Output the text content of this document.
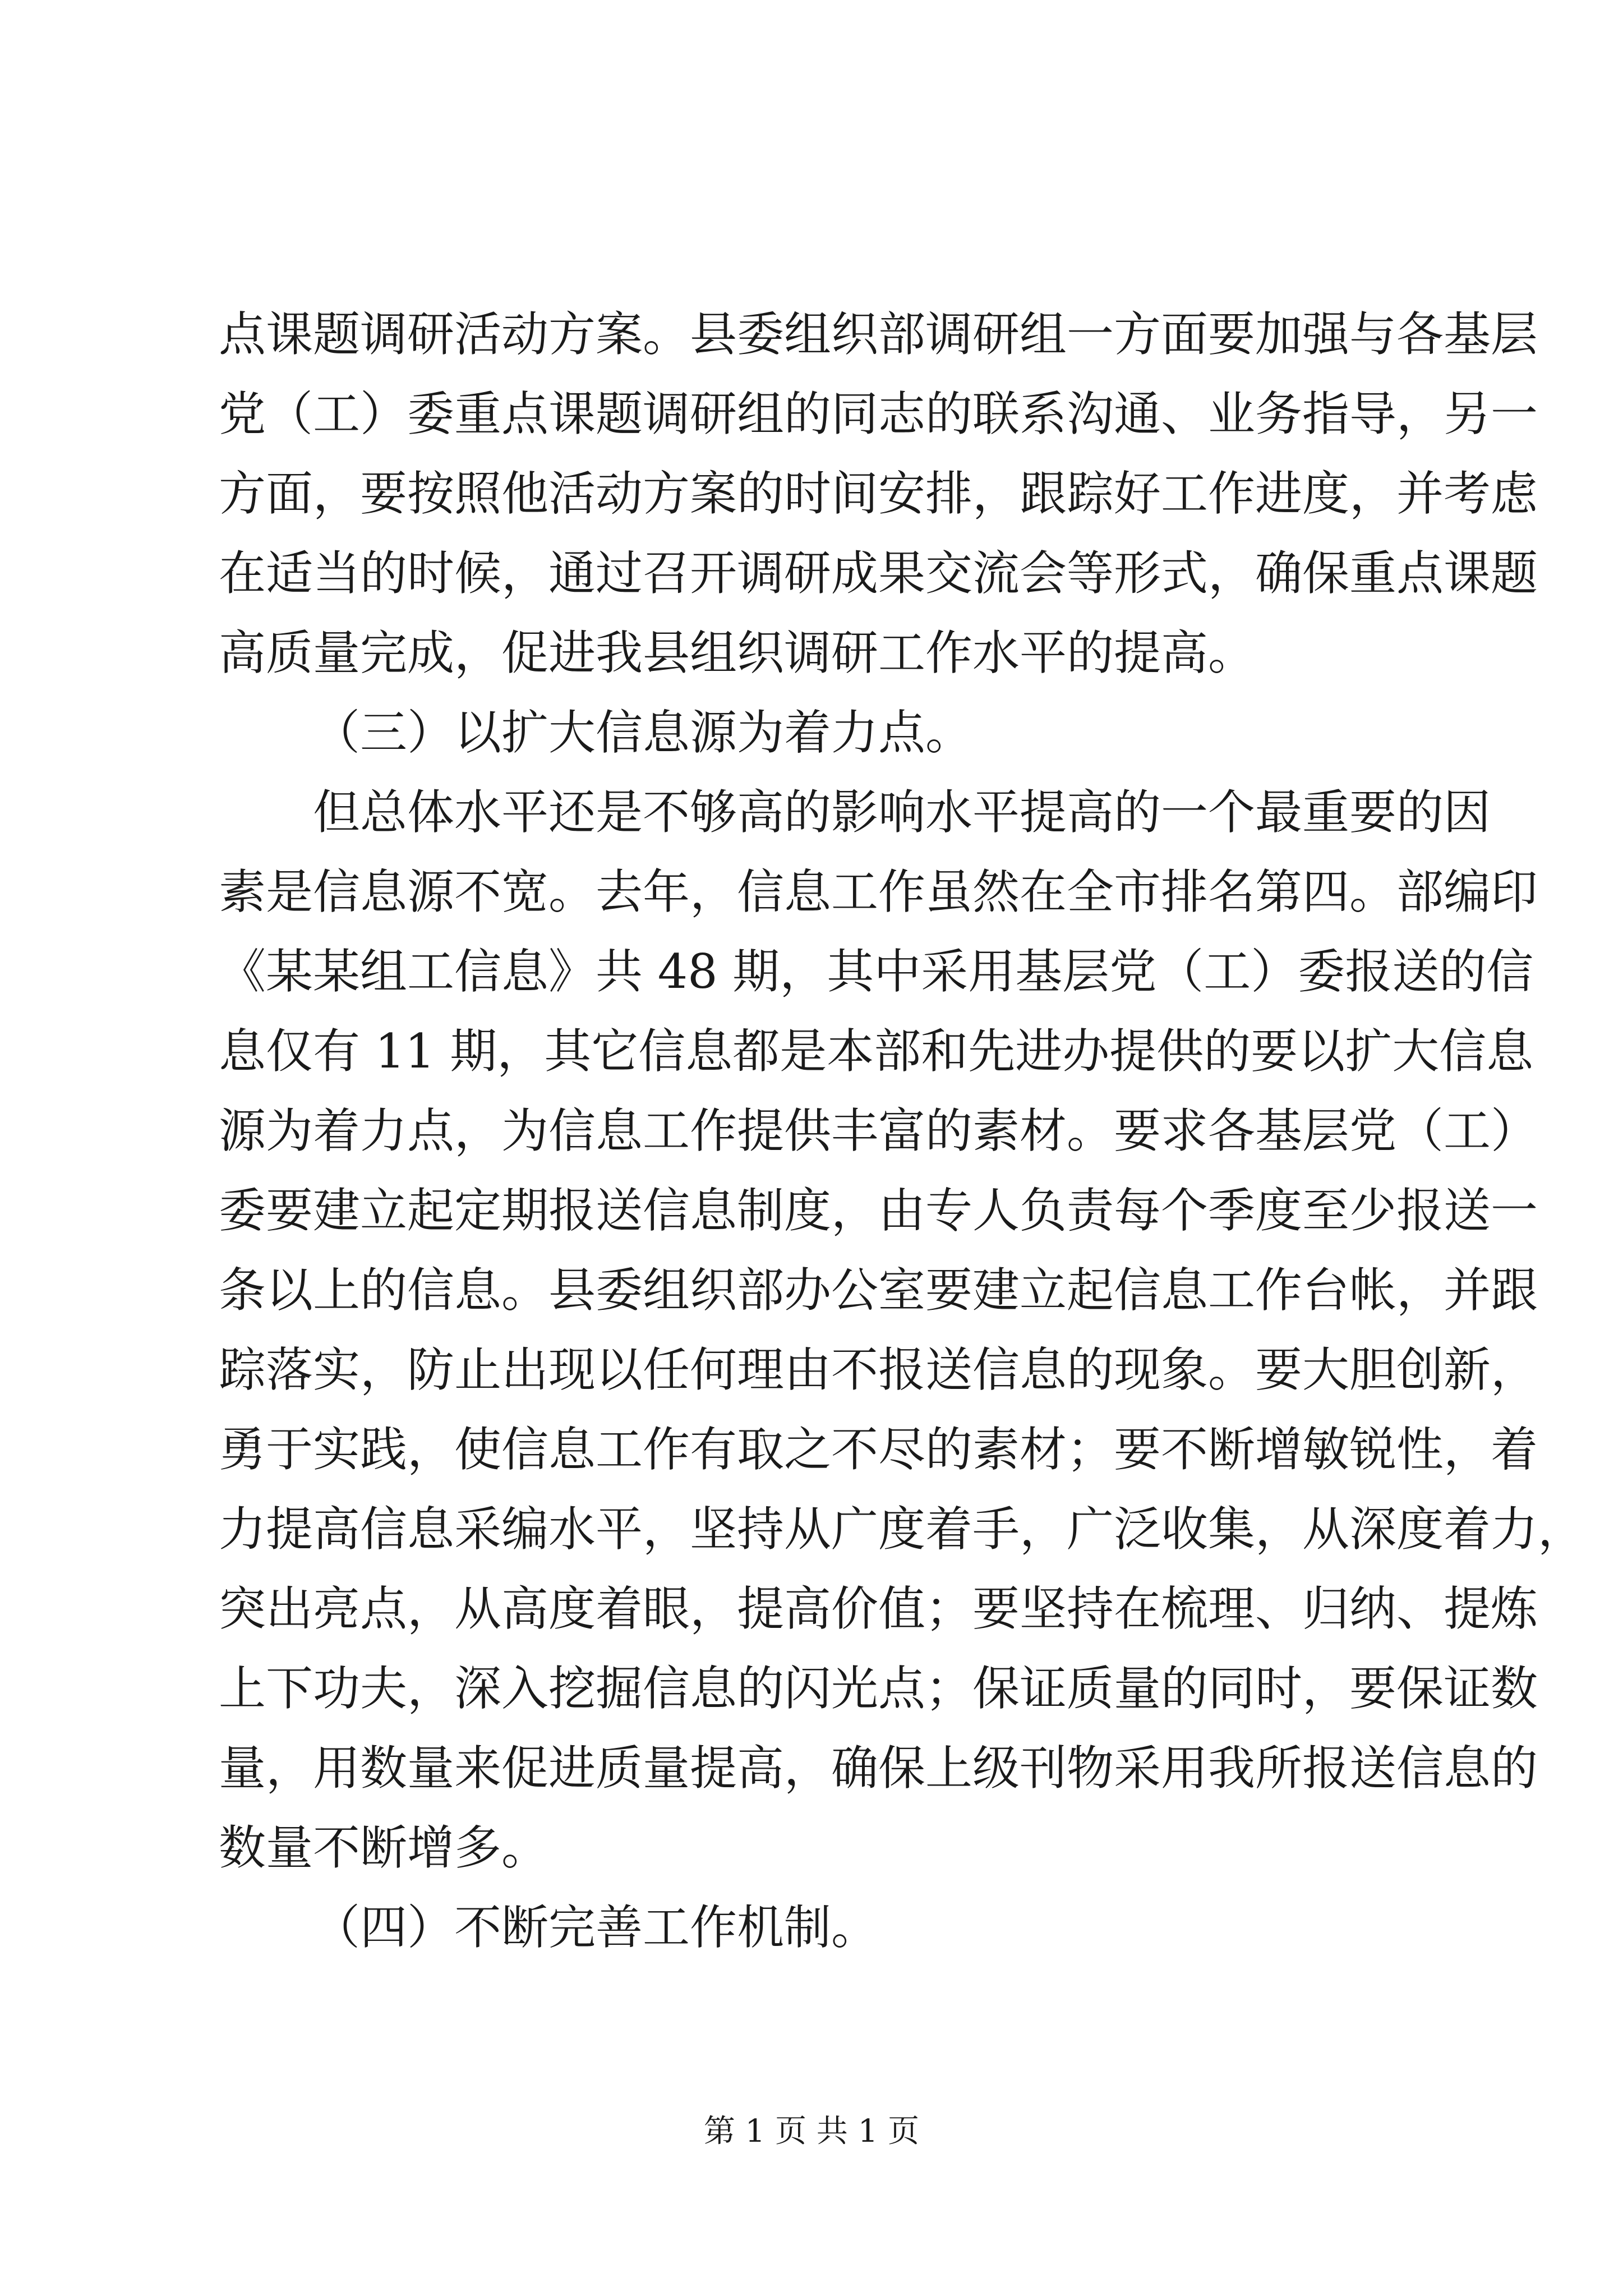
点课题调研活动方案。县委组织部调研组一方面要加强与各基层
党（工）委重点课题调研组的同志的联系沟通、业务指导，另一
方面，要按照他活动方案的时间安排，跟踪好工作进度，并考虑
在适当的时候，通过召开调研成果交流会等形式，确保重点课题
高质量完成，促进我县组织调研工作水平的提高。
（三）以扩大信息源为着力点。
但总体水平还是不够高的影响水平提高的一个最重要的因
素是信息源不宽。去年，信息工作虽然在全市排名第四。部编印
《某某组工信息》共 48 期，其中采用基层党（工）委报送的信
息仅有 11 期，其它信息都是本部和先进办提供的要以扩大信息
源为着力点，为信息工作提供丰富的素材。要求各基层党（工）
委要建立起定期报送信息制度，由专人负责每个季度至少报送一
条以上的信息。县委组织部办公室要建立起信息工作台帐，并跟
踪落实，防止出现以任何理由不报送信息的现象。要大胆创新，
勇于实践，使信息工作有取之不尽的素材；要不断增敏锐性，着
力提高信息采编水平，坚持从广度着手，广泛收集，从深度着力，
突出亮点，从高度着眼，提高价值；要坚持在梳理、归纳、提炼
上下功夫，深入挖掘信息的闪光点；保证质量的同时，要保证数
量，用数量来促进质量提高，确保上级刊物采用我所报送信息的
数量不断增多。
（四）不断完善工作机制。
第 1 页 共 1 页
